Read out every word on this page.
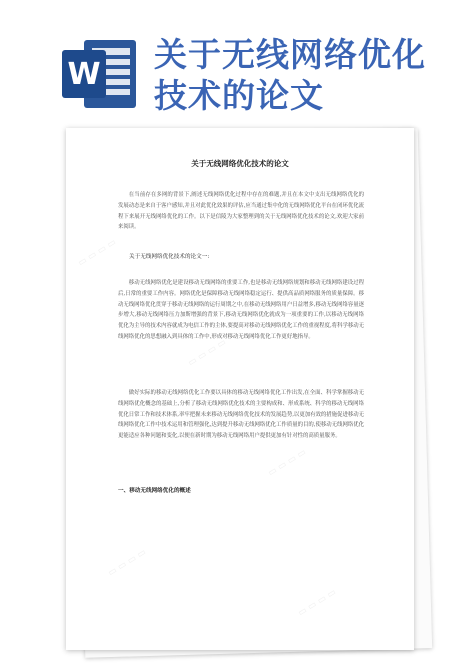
W
关于无线网络优化
技术的论文
关于无线网络优化技术的论文

在当前存在多网的背景下,阐述无线网络优化过程中存在的难题,并且在本文中支出无线网络优化的发展动态是来自于客户感知,并且对此优化效果的评估,应当通过集中化的无线网络优化平台在闭环优化流程下来展开无线网络优化的工作。以下是信陵为大家整理到的关于无线网络优化技术的论文,欢迎大家前来阅读。

关于无线网络优化技术的论文一:

移动无线网络优化是建设移动无线网络的重要工作,也是移动无线网络规划和移动无线网络建设过程后,日常的重要工作内容。网络优化是保障移动无线网络稳定运行、提供高品质网络服务的质量保障。移动无线网络优化贯穿于移动无线网络的运行周期之中,在移动无线网络用户日益增多,移动无线网络容量逐步增大,移动无线网络压力加斯增强的背景下,移动无线网络优化就成为一项重要的工作,以移动无线网络优化为主导的技术内容就成为电信工作的主体,要提高对移动无线网络优化工作的重视程度,将科学移动无线网络优化的思想融入到具体的工作中,形成对移动无线网络优化工作更好地指导。

做好实际的移动无线网络优化工作要以具体的移动无线网络优化工作出发,在全面、科学掌握移动无线网络优化概念的基础上,分析了移动无线网络优化技术的主要构成和、形成系统、科学的移动无线网络优化日常工作和技术体系,率牢把握未来移动无线网络优化技术的发展趋势,以更加有效的措施促进移动无线网络优化工作中技术运用和管理强化,达到提升移动无线网络优化工作质量的目的,使移动无线网络优化更能适应各种问题和变化,以便在新时期为移动无线网络用户提供更加有针对性的高质量服务。

一、移动无线网络优化的概述
▭ ▭ ▭ ▭
▭ ▭ ▭ ▭
▭ ▭ ▭ ▭
▭ ▭ ▭ ▭
▭ ▭ ▭ ▭
